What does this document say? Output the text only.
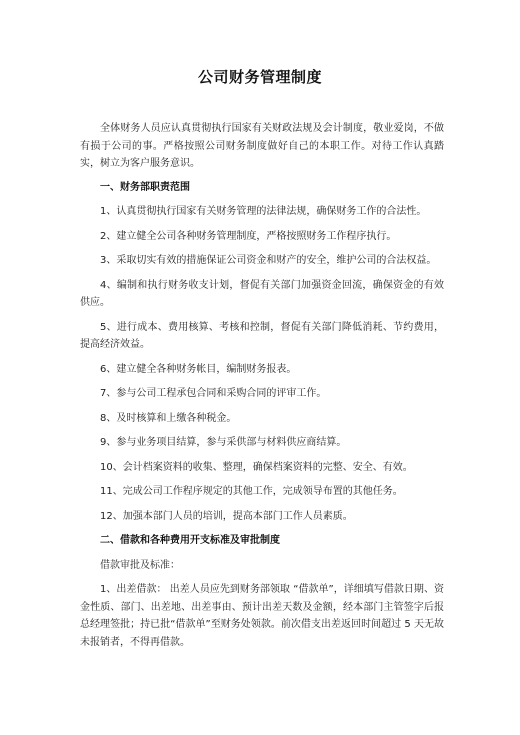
公司财务管理制度

全体财务人员应认真贯彻执行国家有关财政法规及会计制度，敬业爱岗，不做有损于公司的事。严格按照公司财务制度做好自己的本职工作。对待工作认真踏实，树立为客户服务意识。

一、财务部职责范围

1、认真贯彻执行国家有关财务管理的法律法规，确保财务工作的合法性。

2、建立健全公司各种财务管理制度，严格按照财务工作程序执行。

3、采取切实有效的措施保证公司资金和财产的安全，维护公司的合法权益。

4、编制和执行财务收支计划，督促有关部门加强资金回流，确保资金的有效供应。

5、进行成本、费用核算、考核和控制，督促有关部门降低消耗、节约费用，提高经济效益。

6、建立健全各种财务帐目，编制财务报表。

7、参与公司工程承包合同和采购合同的评审工作。

8、及时核算和上缴各种税金。

9、参与业务项目结算，参与采供部与材料供应商结算。

10、会计档案资料的收集、整理，确保档案资料的完整、安全、有效。

11、完成公司工作程序规定的其他工作，完成领导布置的其他任务。

12、加强本部门人员的培训，提高本部门工作人员素质。

二、借款和各种费用开支标准及审批制度

借款审批及标准：

1、出差借款： 出差人员应先到财务部领取 “借款单”，详细填写借款日期、资金性质、部门、出差地、出差事由、预计出差天数及金额，经本部门主管签字后报总经理签批；持已批“借款单”至财务处领款。前次借支出差返回时间超过 5 天无故未报销者，不得再借款。
